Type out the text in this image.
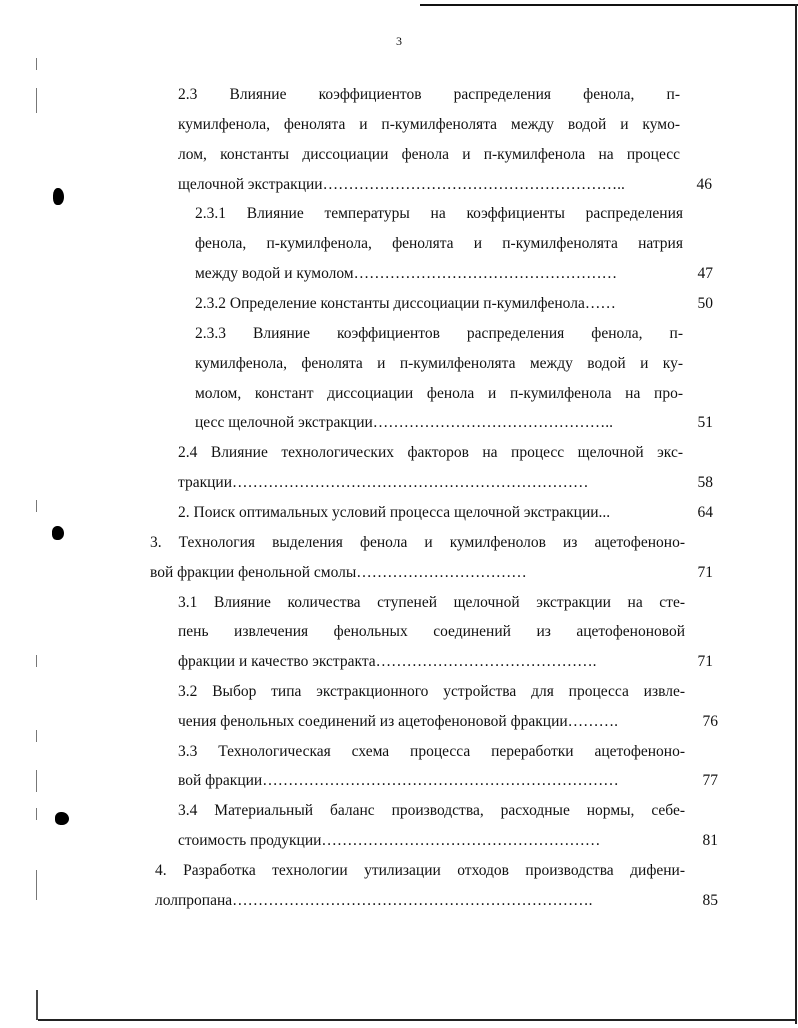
3
2.3 Влияние коэффициентов распределения фенола, п-
кумилфенола, фенолята и п-кумилфенолята между водой и кумо-
лом, константы диссоциации фенола и п-кумилфенола на процесс
щелочной экстракции…………………………………………………..	46
2.3.1 Влияние температуры на коэффициенты распределения
фенола, п-кумилфенола, фенолята и п-кумилфенолята натрия
между водой и кумолом……………………………………………	47
2.3.2 Определение константы диссоциации п-кумилфенола……	50
2.3.3 Влияние коэффициентов распределения фенола, п-
кумилфенола, фенолята и п-кумилфенолята между водой и ку-
молом, констант диссоциации фенола и п-кумилфенола на про-
цесс щелочной экстракции………………………………………..	51
2.4 Влияние технологических факторов на процесс щелочной экс-
тракции……………………………………………………………	58
2. Поиск оптимальных условий процесса щелочной экстракции...	64
3. Технология выделения фенола и кумилфенолов из ацетофеноно-
вой фракции фенольной смолы……………………………	71
3.1 Влияние количества ступеней щелочной экстракции на сте-
пень извлечения фенольных соединений из ацетофеноновой
фракции и качество экстракта…………………………………….	71
3.2 Выбор типа экстракционного устройства для процесса извле-
чения фенольных соединений из ацетофеноновой фракции……….	76
3.3 Технологическая схема процесса переработки ацетофеноно-
вой фракции……………………………………………………………	77
3.4 Материальный баланс производства, расходные нормы, себе-
стоимость продукции………………………………………………	81
4. Разработка технологии утилизации отходов производства дифени-
лолпропана…………………………………………………………….	85
